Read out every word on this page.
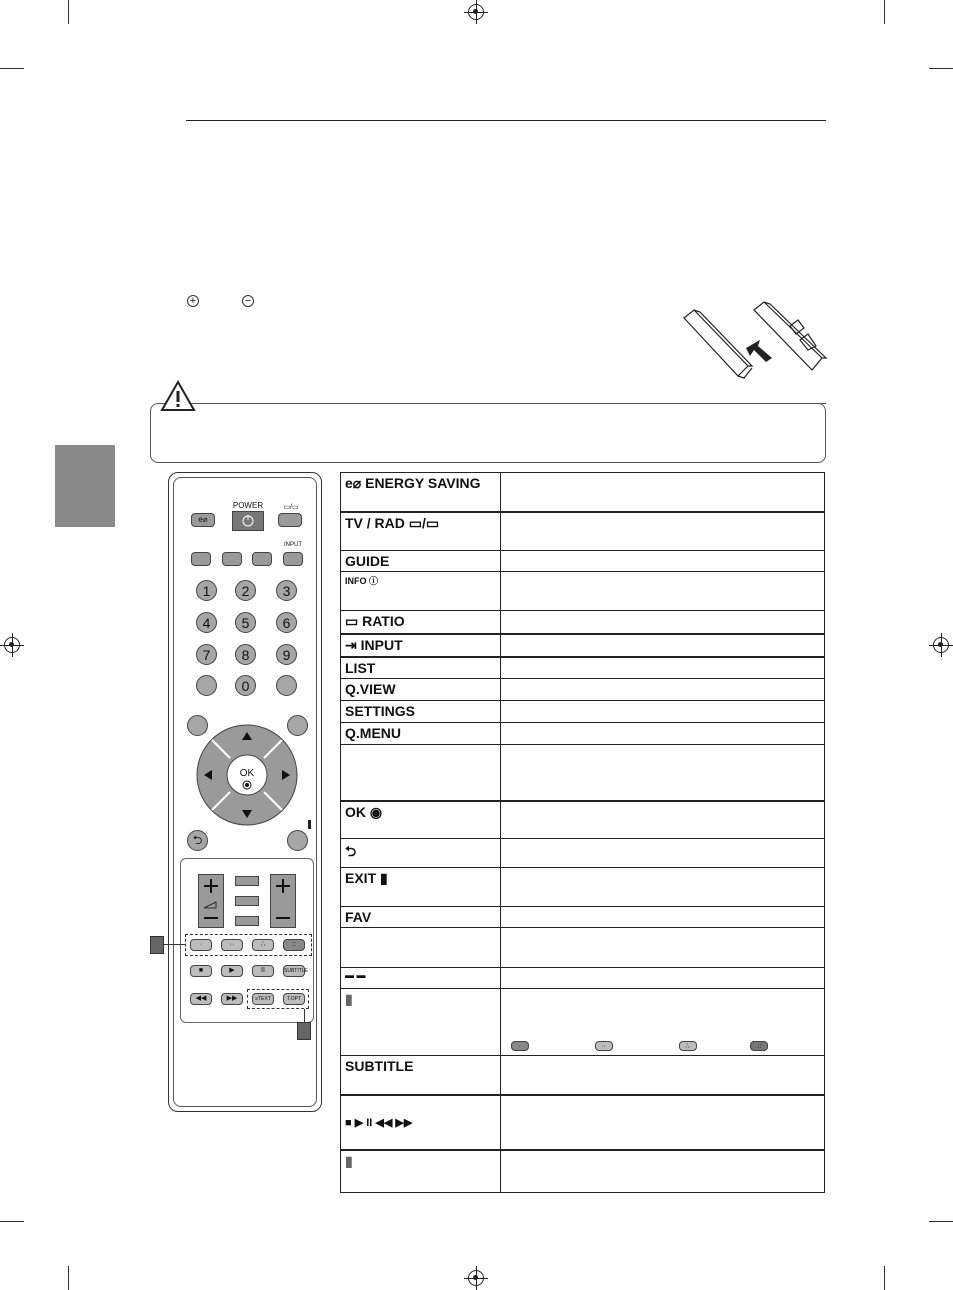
+	−
e⌀
POWER	▭/▭
INPUT
1	2	3
4	5	6
7	8	9
0
OK
⮌
·	··	∴	::
■	▶	II	SUBTITLE
◀◀	▶▶	≡TEXT	T.OPT
e⌀ ENERGY SAVING	
TV / RAD ▭/▭	
GUIDE	
INFO ⓘ	
▭ RATIO	
⇥ INPUT	
LIST	
Q.VIEW	
SETTINGS	
Q.MENU	

OK ◉	
⮌	
EXIT ▮	
FAV	

▬ ▬	
▮	· ·· ∴ ::
SUBTITLE	
■ ▶ II ◀◀ ▶▶	
▮	
